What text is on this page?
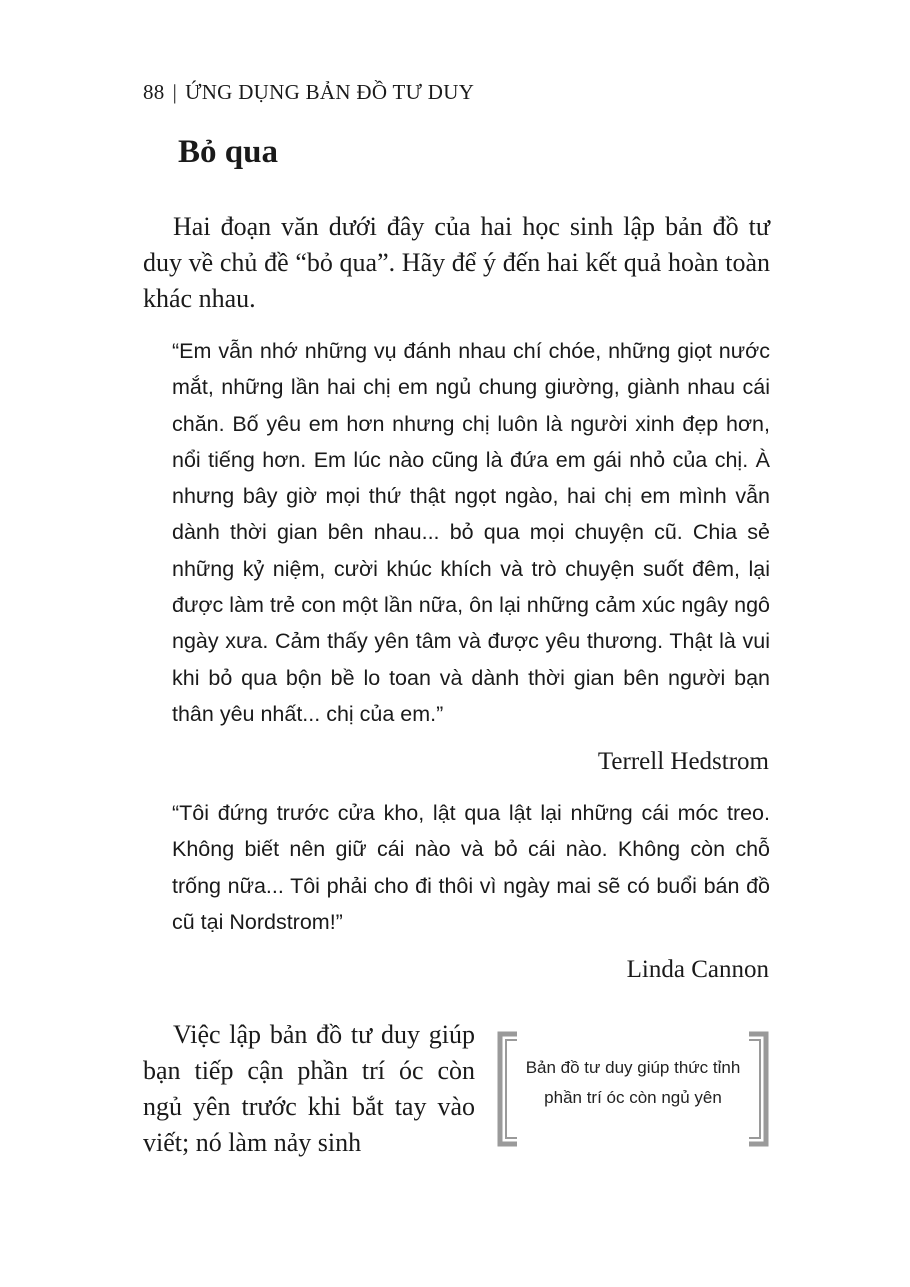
88 | ỨNG DỤNG BẢN ĐỒ TƯ DUY
Bỏ qua

Hai đoạn văn dưới đây của hai học sinh lập bản đồ tư duy về chủ đề “bỏ qua”. Hãy để ý đến hai kết quả hoàn toàn khác nhau.

“Em vẫn nhớ những vụ đánh nhau chí chóe, những giọt nước mắt, những lần hai chị em ngủ chung giường, giành nhau cái chăn. Bố yêu em hơn nhưng chị luôn là người xinh đẹp hơn, nổi tiếng hơn. Em lúc nào cũng là đứa em gái nhỏ của chị. À nhưng bây giờ mọi thứ thật ngọt ngào, hai chị em mình vẫn dành thời gian bên nhau... bỏ qua mọi chuyện cũ. Chia sẻ những kỷ niệm, cười khúc khích và trò chuyện suốt đêm, lại được làm trẻ con một lần nữa, ôn lại những cảm xúc ngây ngô ngày xưa. Cảm thấy yên tâm và được yêu thương. Thật là vui khi bỏ qua bộn bề lo toan và dành thời gian bên người bạn thân yêu nhất... chị của em.”

Terrell Hedstrom

“Tôi đứng trước cửa kho, lật qua lật lại những cái móc treo. Không biết nên giữ cái nào và bỏ cái nào. Không còn chỗ trống nữa... Tôi phải cho đi thôi vì ngày mai sẽ có buổi bán đồ cũ tại Nordstrom!”

Linda Cannon

Việc lập bản đồ tư duy giúp bạn tiếp cận phần trí óc còn ngủ yên trước khi bắt tay vào viết; nó làm nảy sinh

Bản đồ tư duy giúp thức tỉnh
phần trí óc còn ngủ yên
